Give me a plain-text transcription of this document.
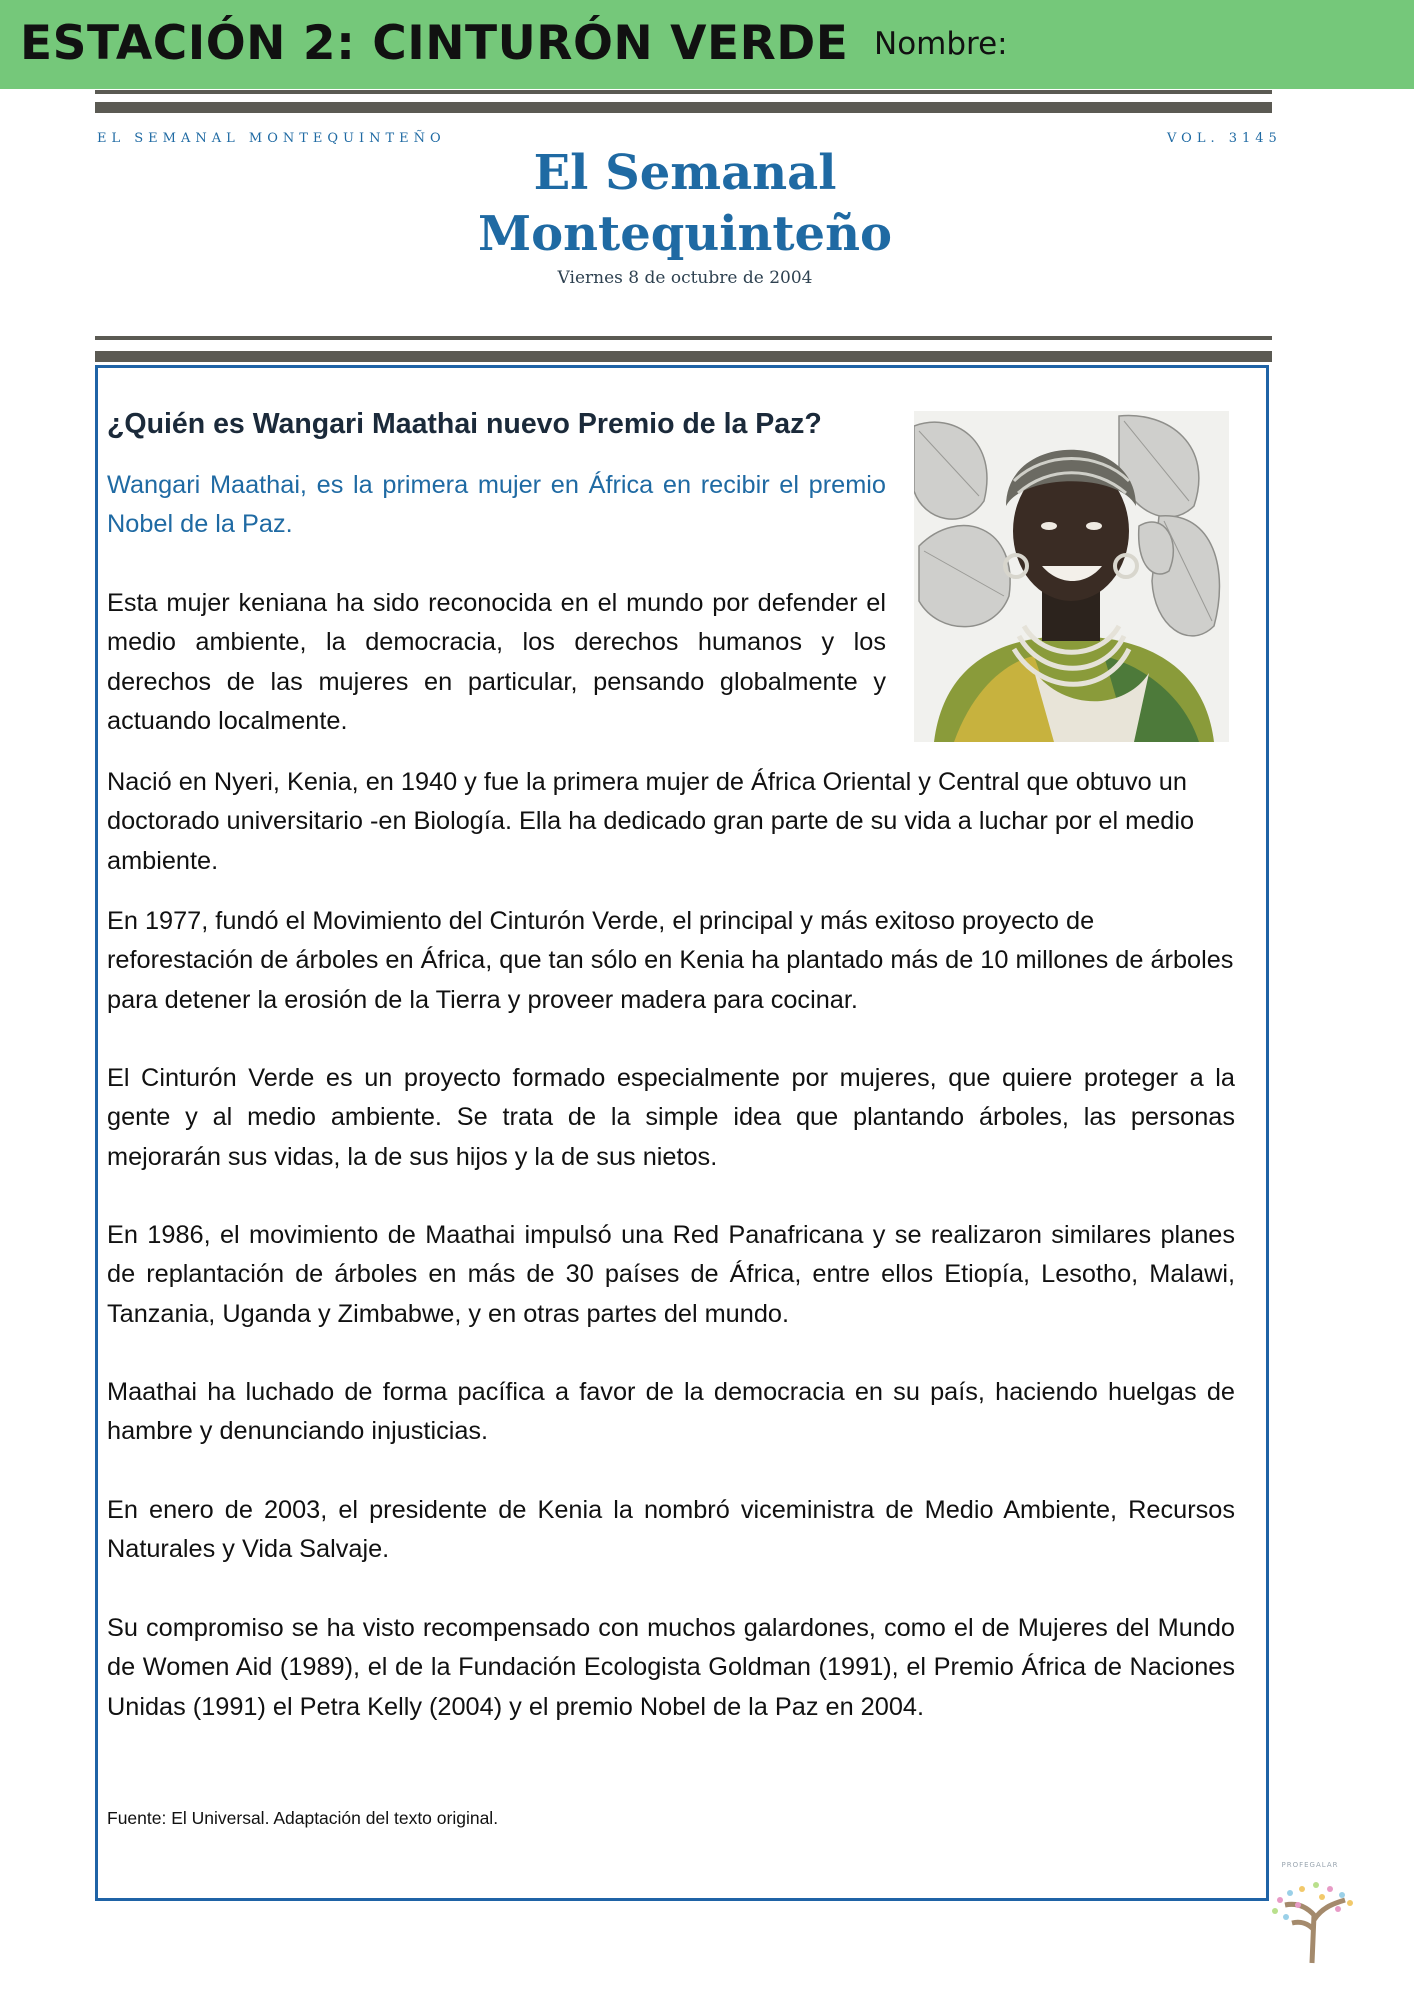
ESTACIÓN 2: CINTURÓN VERDE Nombre:
EL SEMANAL MONTEQUINTEÑO	VOL. 3145
El Semanal
Montequinteño
Viernes 8 de octubre de 2004
¿Quién es Wangari Maathai nuevo Premio de la Paz?

Wangari Maathai, es la primera mujer en África en recibir el premio Nobel de la Paz.

Esta mujer keniana ha sido reconocida en el mundo por defender el medio ambiente, la democracia, los derechos humanos y los derechos de las mujeres en particular, pensando globalmente y actuando localmente.

Nació en Nyeri, Kenia, en 1940 y fue la primera mujer de África Oriental y Central que obtuvo un doctorado universitario -en Biología. Ella ha dedicado gran parte de su vida a luchar por el medio ambiente.

En 1977, fundó el Movimiento del Cinturón Verde, el principal y más exitoso proyecto de reforestación de árboles en África, que tan sólo en Kenia ha plantado más de 10 millones de árboles para detener la erosión de la Tierra y proveer madera para cocinar.

El Cinturón Verde es un proyecto formado especialmente por mujeres, que quiere proteger a la gente y al medio ambiente. Se trata de la simple idea que plantando árboles, las personas mejorarán sus vidas, la de sus hijos y la de sus nietos.

En 1986, el movimiento de Maathai impulsó una Red Panafricana y se realizaron similares planes de replantación de árboles en más de 30 países de África, entre ellos Etiopía, Lesotho, Malawi, Tanzania, Uganda y Zimbabwe, y en otras partes del mundo.

Maathai ha luchado de forma pacífica a favor de la democracia en su país, haciendo huelgas de hambre y denunciando injusticias.

En enero de 2003, el presidente de Kenia la nombró viceministra de Medio Ambiente, Recursos Naturales y Vida Salvaje.

Su compromiso se ha visto recompensado con muchos galardones, como el de Mujeres del Mundo de Women Aid (1989), el de la Fundación Ecologista Goldman (1991), el Premio África de Naciones Unidas (1991) el Petra Kelly (2004) y el premio Nobel de la Paz en 2004.

Fuente: El Universal. Adaptación del texto original.
PROFEGALAR
